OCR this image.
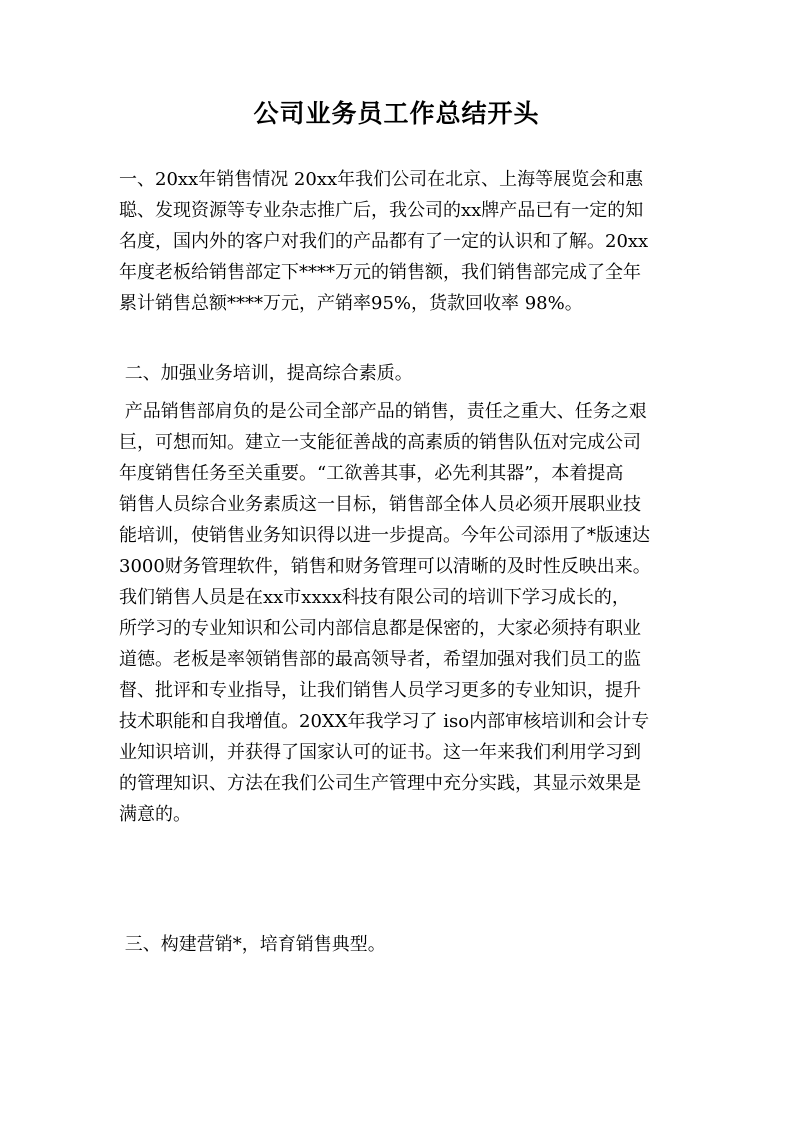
公司业务员工作总结开头
一、20xx年销售情况 20xx年我们公司在北京、上海等展览会和惠
聪、发现资源等专业杂志推广后，我公司的xx牌产品已有一定的知
名度，国内外的客户对我们的产品都有了一定的认识和了解。20xx
年度老板给销售部定下****万元的销售额，我们销售部完成了全年
累计销售总额****万元，产销率95%，货款回收率 98%。
二、加强业务培训，提高综合素质。
产品销售部肩负的是公司全部产品的销售，责任之重大、任务之艰
巨，可想而知。建立一支能征善战的高素质的销售队伍对完成公司
年度销售任务至关重要。“工欲善其事，必先利其器”，本着提高
销售人员综合业务素质这一目标，销售部全体人员必须开展职业技
能培训，使销售业务知识得以进一步提高。今年公司添用了*版速达
3000财务管理软件，销售和财务管理可以清晰的及时性反映出来。
我们销售人员是在xx市xxxx科技有限公司的培训下学习成长的，
所学习的专业知识和公司内部信息都是保密的，大家必须持有职业
道德。老板是率领销售部的最高领导者，希望加强对我们员工的监
督、批评和专业指导，让我们销售人员学习更多的专业知识，提升
技术职能和自我增值。20XX年我学习了 iso内部审核培训和会计专
业知识培训，并获得了国家认可的证书。这一年来我们利用学习到
的管理知识、方法在我们公司生产管理中充分实践，其显示效果是
满意的。
三、构建营销*，培育销售典型。
